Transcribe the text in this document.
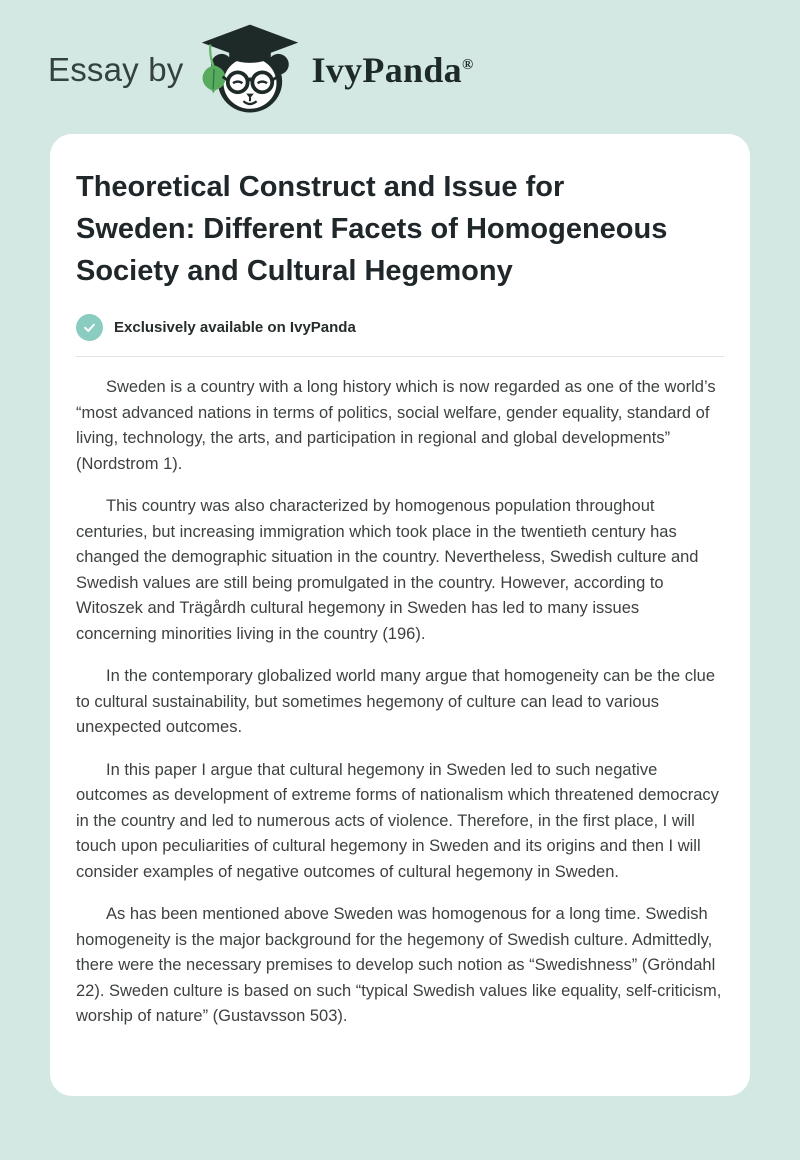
Essay by	IvyPanda®
Theoretical Construct and Issue for Sweden: Different Facets of Homogeneous Society and Cultural Hegemony
Exclusively available on IvyPanda

Sweden is a country with a long history which is now regarded as one of the world’s “most advanced nations in terms of politics, social welfare, gender equality, standard of living, technology, the arts, and participation in regional and global developments” (Nordstrom 1).

This country was also characterized by homogenous population throughout centuries, but increasing immigration which took place in the twentieth century has changed the demographic situation in the country. Nevertheless, Swedish culture and Swedish values are still being promulgated in the country. However, according to Witoszek and Trägårdh cultural hegemony in Sweden has led to many issues concerning minorities living in the country (196).

In the contemporary globalized world many argue that homogeneity can be the clue to cultural sustainability, but sometimes hegemony of culture can lead to various unexpected outcomes.

In this paper I argue that cultural hegemony in Sweden led to such negative outcomes as development of extreme forms of nationalism which threatened democracy in the country and led to numerous acts of violence. Therefore, in the first place, I will touch upon peculiarities of cultural hegemony in Sweden and its origins and then I will consider examples of negative outcomes of cultural hegemony in Sweden.

As has been mentioned above Sweden was homogenous for a long time. Swedish homogeneity is the major background for the hegemony of Swedish culture. Admittedly, there were the necessary premises to develop such notion as “Swedishness” (Gröndahl 22). Sweden culture is based on such “typical Swedish values like equality, self-criticism, worship of nature” (Gustavsson 503).
